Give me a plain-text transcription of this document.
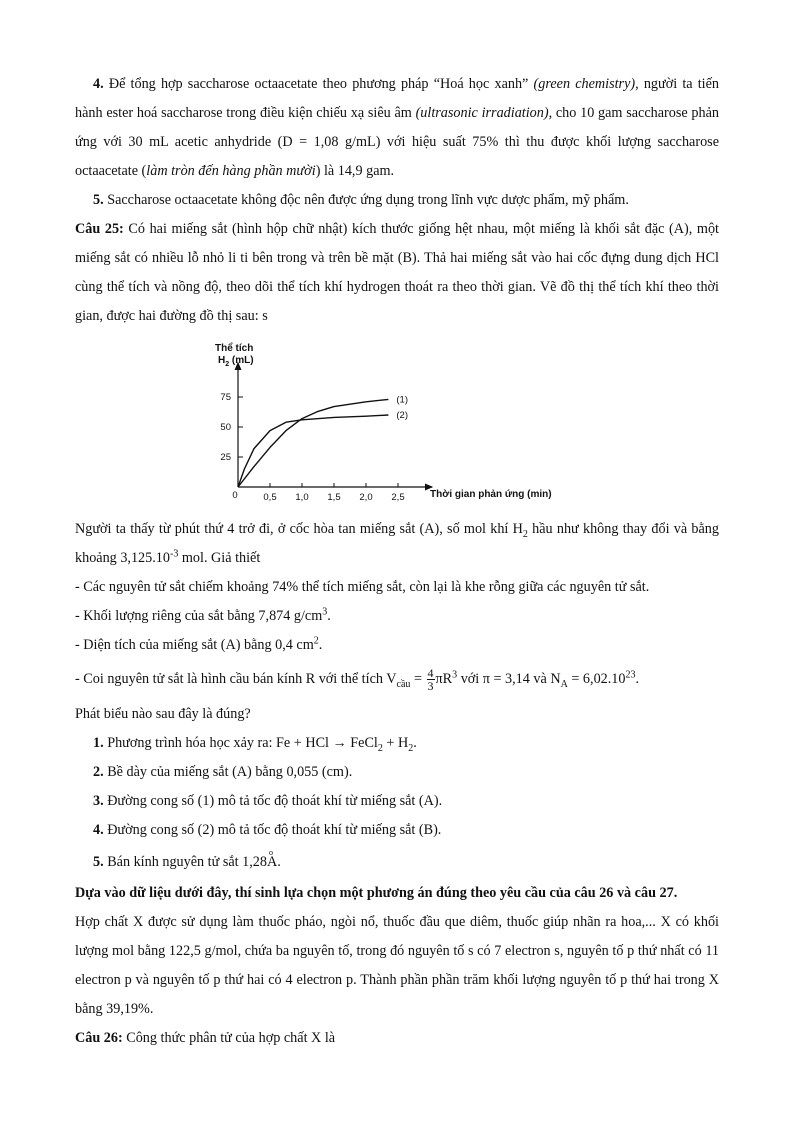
4. Để tổng hợp saccharose octaacetate theo phương pháp “Hoá học xanh” (green chemistry), người ta tiến hành ester hoá saccharose trong điều kiện chiếu xạ siêu âm (ultrasonic irradiation), cho 10 gam saccharose phản ứng với 30 mL acetic anhydride (D = 1,08 g/mL) với hiệu suất 75% thì thu được khối lượng saccharose octaacetate (làm tròn đến hàng phần mười) là 14,9 gam.

5. Saccharose octaacetate không độc nên được ứng dụng trong lĩnh vực dược phẩm, mỹ phẩm.

Câu 25: Có hai miếng sắt (hình hộp chữ nhật) kích thước giống hệt nhau, một miếng là khối sắt đặc (A), một miếng sắt có nhiều lỗ nhỏ li ti bên trong và trên bề mặt (B). Thả hai miếng sắt vào hai cốc đựng dung dịch HCl cùng thể tích và nồng độ, theo dõi thể tích khí hydrogen thoát ra theo thời gian. Vẽ đồ thị thể tích khí theo thời gian, được hai đường đồ thị sau: s

Thể tích
$H_2$ (mL)
Thời gian phản ứng (min)
0,5 1,0 1,5 2,0 2,5
25
50
75
0
(1)
(2)

Người ta thấy từ phút thứ 4 trở đi, ở cốc hòa tan miếng sắt (A), số mol khí $H_2$ hầu như không thay đổi và bằng khoảng $3,125.10^{-3}$ mol. Giả thiết

- Các nguyên tử sắt chiếm khoảng 74% thể tích miếng sắt, còn lại là khe rỗng giữa các nguyên tử sắt.

- Khối lượng riêng của sắt bằng 7,874 $g/cm^3$.

- Diện tích của miếng sắt (A) bằng 0,4 $cm^2$.

- Coi nguyên tử sắt là hình cầu bán kính R với thể tích $V_{cầu} = \frac{4}{3} \pi R^3$ với π = 3,14 và $N_A = 6,02.10^{23}$.

Phát biểu nào sau đây là đúng?

1. Phương trình hóa học xảy ra: Fe + HCl → FeCl$_2$ + $H_2$.

2. Bề dày của miếng sắt (A) bằng 0,055 (cm).

3. Đường cong số (1) mô tả tốc độ thoát khí từ miếng sắt (A).

4. Đường cong số (2) mô tả tốc độ thoát khí từ miếng sắt (B).

5. Bán kính nguyên tử sắt 1,28o A.

Dựa vào dữ liệu dưới đây, thí sinh lựa chọn một phương án đúng theo yêu cầu của câu 26 và câu 27.

Hợp chất X được sử dụng làm thuốc pháo, ngòi nổ, thuốc đầu que diêm, thuốc giúp nhãn ra hoa,... X có khối lượng mol bằng 122,5 g/mol, chứa ba nguyên tố, trong đó nguyên tố s có 7 electron s, nguyên tố p thứ nhất có 11 electron p và nguyên tố p thứ hai có 4 electron p. Thành phần phần trăm khối lượng nguyên tố p thứ hai trong X bằng 39,19%.

Câu 26: Công thức phân tử của hợp chất X là
